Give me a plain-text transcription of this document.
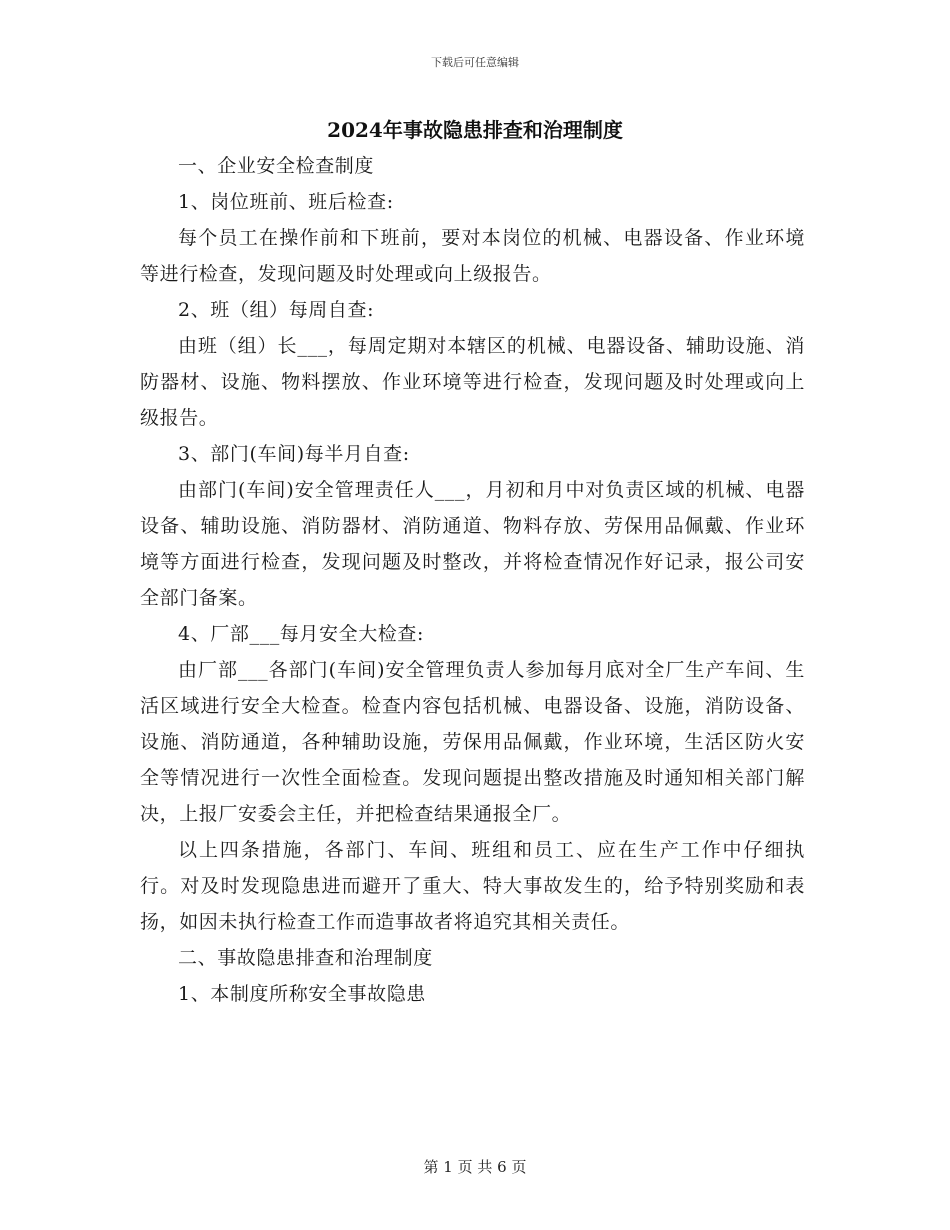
下载后可任意编辑
2024年事故隐患排查和治理制度

一、企业安全检查制度

1、岗位班前、班后检查:

每个员工在操作前和下班前，要对本岗位的机械、电器设备、作业环境等进行检查，发现问题及时处理或向上级报告。

2、班（组）每周自查:

由班（组）长___，每周定期对本辖区的机械、电器设备、辅助设施、消防器材、设施、物料摆放、作业环境等进行检查，发现问题及时处理或向上级报告。

3、部门(车间)每半月自查:

由部门(车间)安全管理责任人___，月初和月中对负责区域的机械、电器设备、辅助设施、消防器材、消防通道、物料存放、劳保用品佩戴、作业环境等方面进行检查，发现问题及时整改，并将检查情况作好记录，报公司安全部门备案。

4、厂部___每月安全大检查:

由厂部___各部门(车间)安全管理负责人参加每月底对全厂生产车间、生活区域进行安全大检查。检查内容包括机械、电器设备、设施，消防设备、设施、消防通道，各种辅助设施，劳保用品佩戴，作业环境，生活区防火安全等情况进行一次性全面检查。发现问题提出整改措施及时通知相关部门解决，上报厂安委会主任，并把检查结果通报全厂。

以上四条措施，各部门、车间、班组和员工、应在生产工作中仔细执行。对及时发现隐患进而避开了重大、特大事故发生的，给予特别奖励和表扬，如因未执行检查工作而造事故者将追究其相关责任。

二、事故隐患排查和治理制度

1、本制度所称安全事故隐患

第 1 页 共 6 页
